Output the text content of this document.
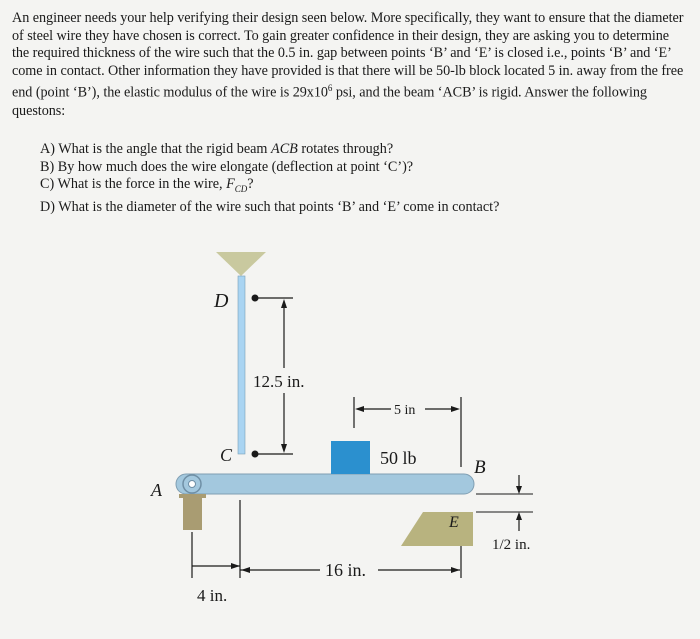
An engineer needs your help verifying their design seen below. More specifically, they want to ensure that the diameter of steel wire they have chosen is correct. To gain greater confidence in their design, they are asking you to determine the required thickness of the wire such that the 0.5 in. gap between points ‘B’ and ‘E’ is closed i.e., points ‘B’ and ‘E’ come in contact. Other information they have provided is that there will be 50-lb block located 5 in. away from the free end (point ‘B’), the elastic modulus of the wire is $29x10^6$ psi, and the beam ‘ACB’ is rigid. Answer the following questons:

A) What is the angle that the rigid beam ACB rotates through?
B) By how much does the wire elongate (deflection at point ‘C’)?
C) What is the force in the wire, $F_{CD}$?
D) What is the diameter of the wire such that points ‘B’ and ‘E’ come in contact?
D
C
A
B
E
12.5 in.
5 in
50 lb
1/2 in.
16 in.
4 in.
